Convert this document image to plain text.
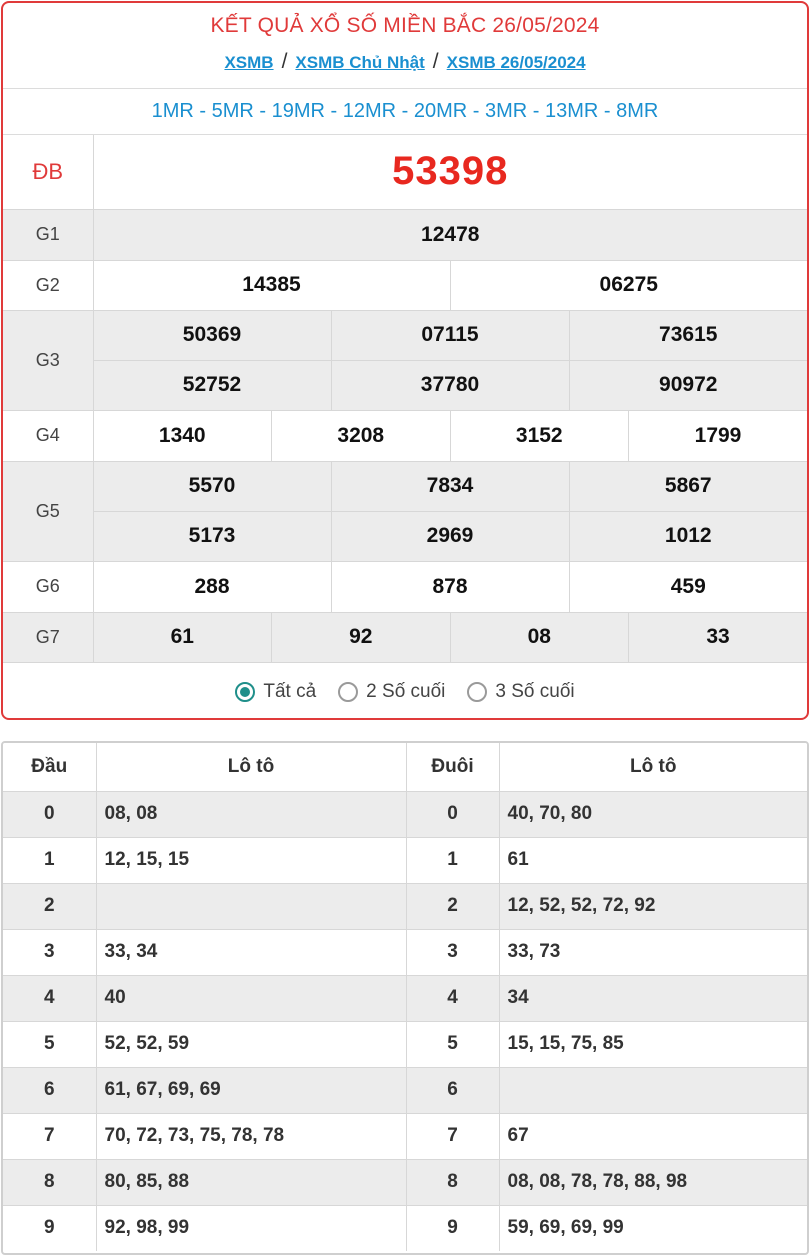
KẾT QUẢ XỔ SỐ MIỀN BẮC 26/05/2024
XSMB / XSMB Chủ Nhật / XSMB 26/05/2024
1MR - 5MR - 19MR - 12MR - 20MR - 3MR - 13MR - 8MR
ĐB	53398					
G1	12478					
G2	14385			06275		
G3	50369		07115		73615	
	52752		37780		90972	
G4	1340	3208		3152		1799
G5	5570		7834		5867	
	5173		2969		1012	
G6	288		878		459	
G7	61	92		08		33
Tất cả	2 Số cuối	3 Số cuối
Đầu	Lô tô	Đuôi	Lô tô
0	08, 08	0	40, 70, 80
1	12, 15, 15	1	61
2		2	12, 52, 52, 72, 92
3	33, 34	3	33, 73
4	40	4	34
5	52, 52, 59	5	15, 15, 75, 85
6	61, 67, 69, 69	6	
7	70, 72, 73, 75, 78, 78	7	67
8	80, 85, 88	8	08, 08, 78, 78, 88, 98
9	92, 98, 99	9	59, 69, 69, 99
